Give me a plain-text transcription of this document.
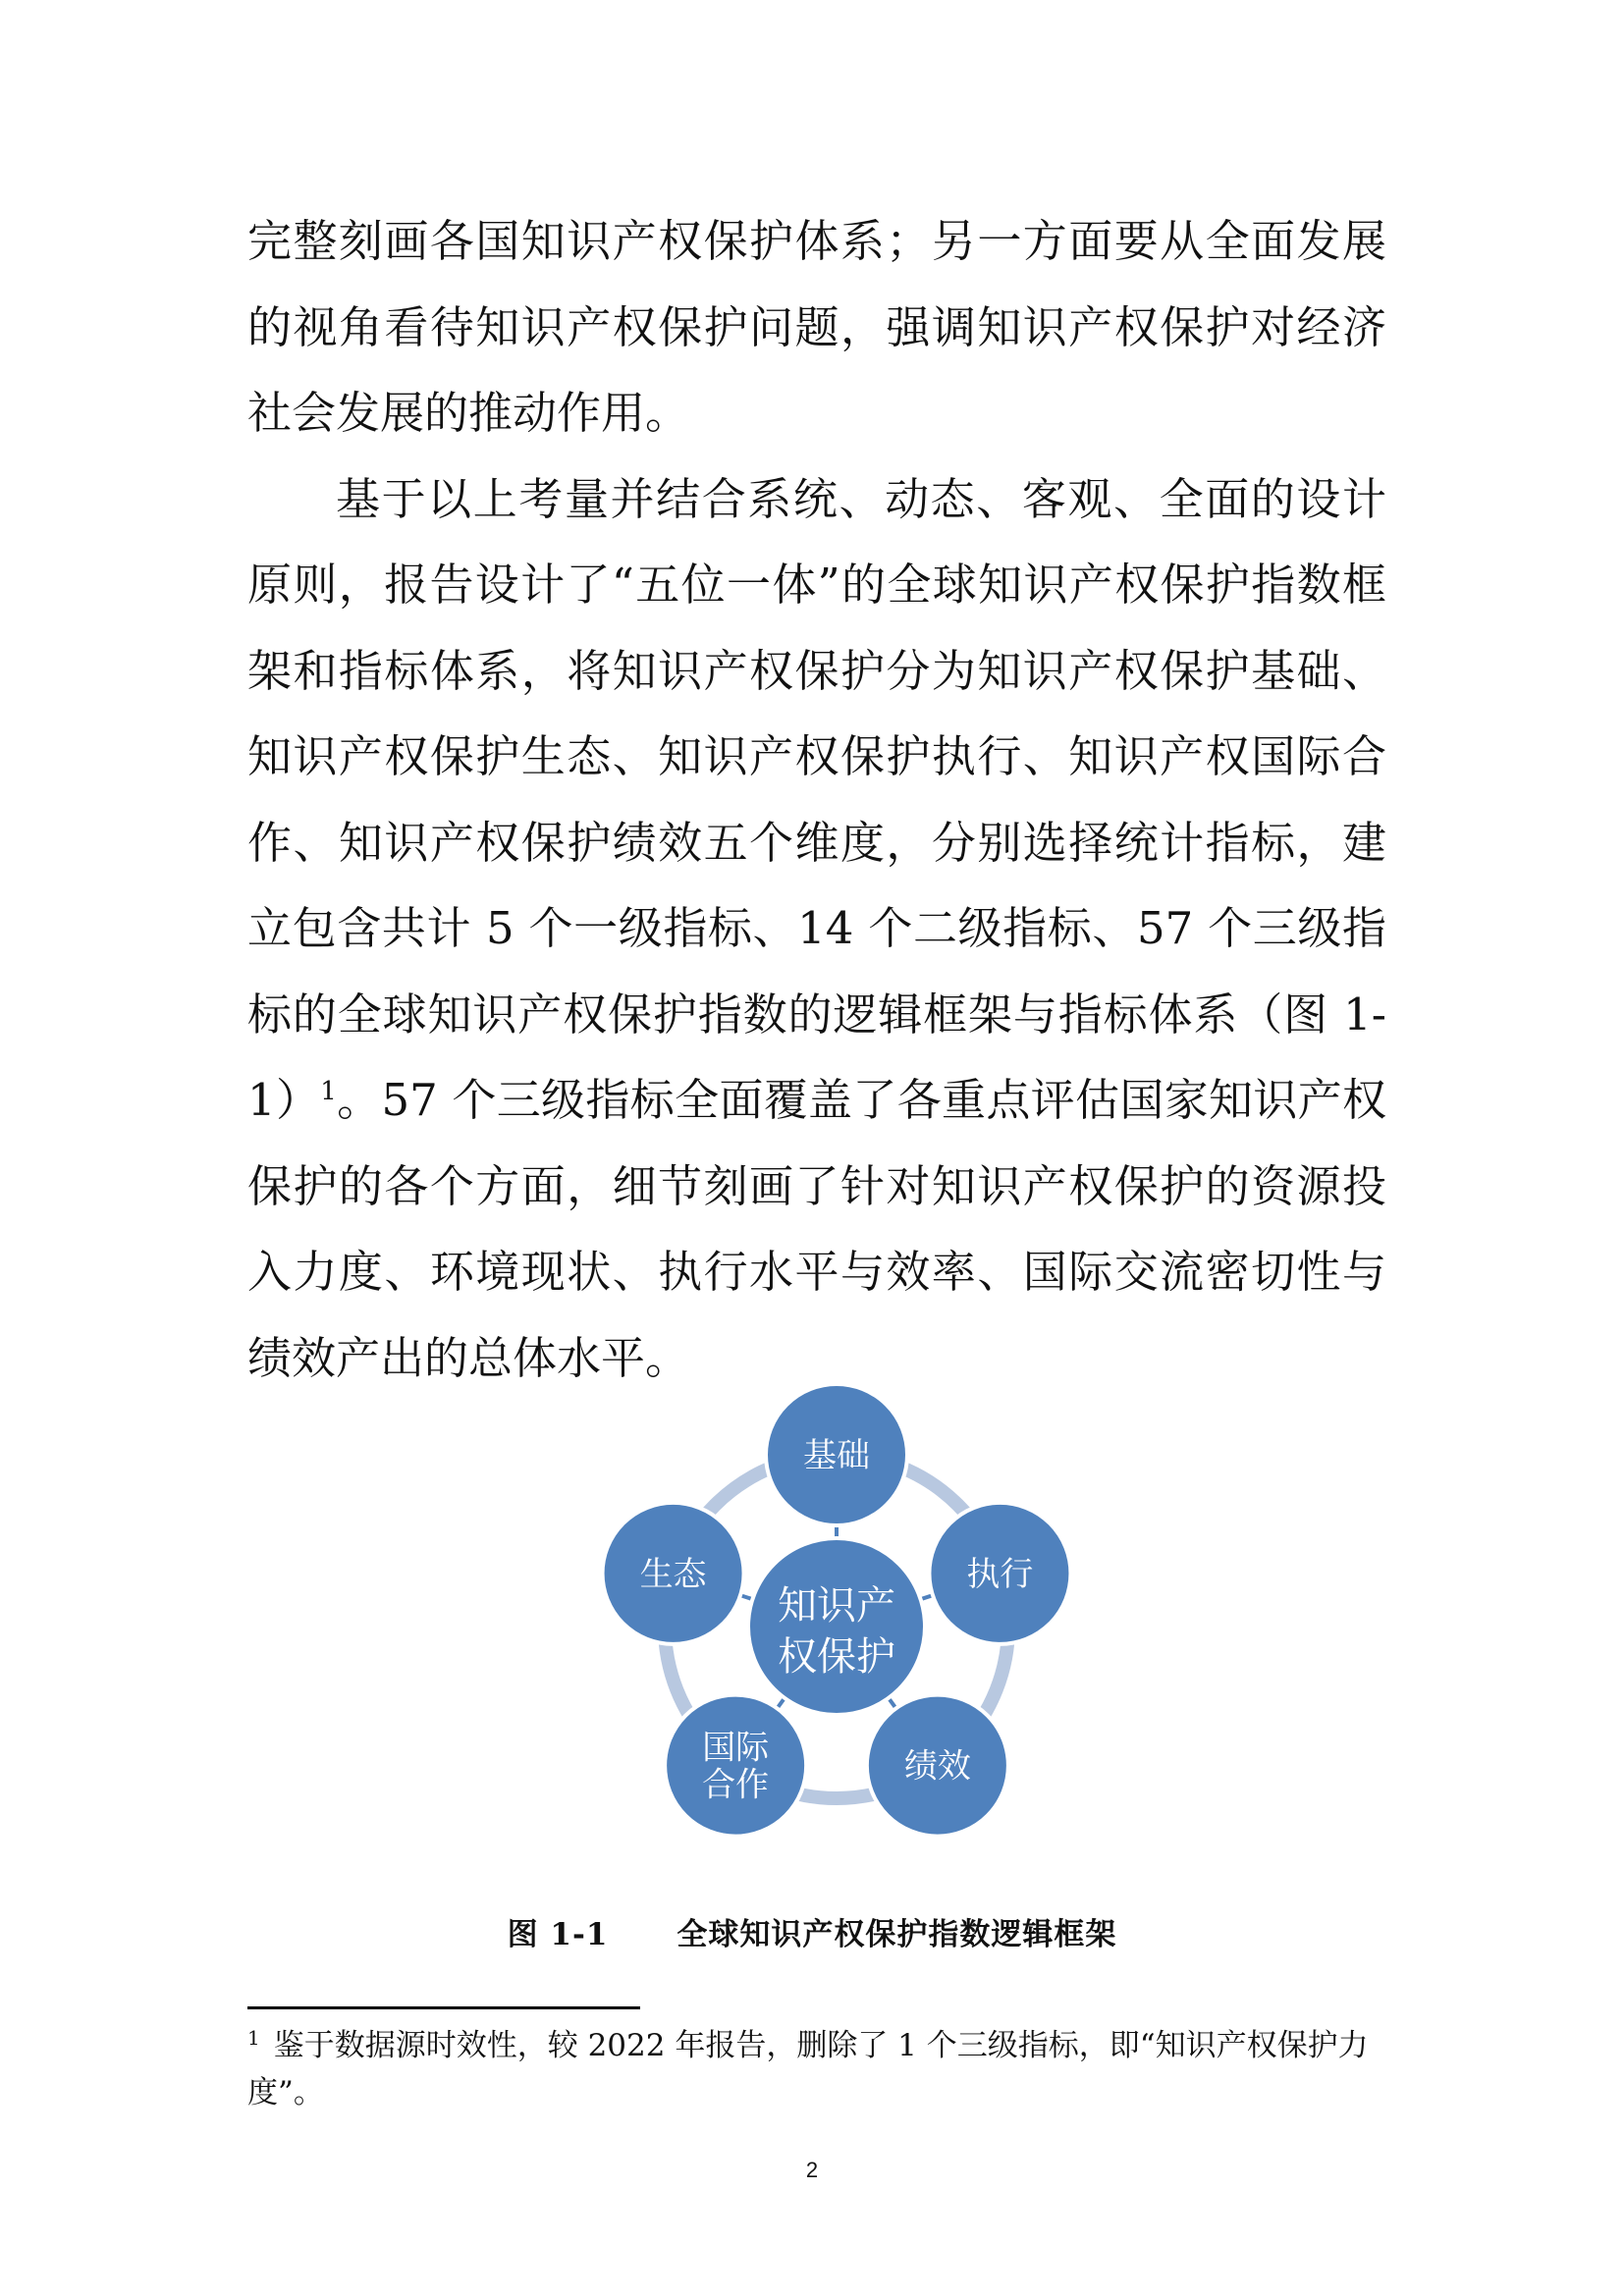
完整刻画各国知识产权保护体系；另一方面要从全面发展的视角看待知识产权保护问题，强调知识产权保护对经济社会发展的推动作用。

基于以上考量并结合系统、动态、客观、全面的设计原则，报告设计了“五位一体”的全球知识产权保护指数框架和指标体系，将知识产权保护分为知识产权保护基础、知识产权保护生态、知识产权保护执行、知识产权国际合作、知识产权保护绩效五个维度，分别选择统计指标，建立包含共计 5 个一级指标、14 个二级指标、57 个三级指标的全球知识产权保护指数的逻辑框架与指标体系（图 1-1）$^1$。57 个三级指标全面覆盖了各重点评估国家知识产权保护的各个方面，细节刻画了针对知识产权保护的资源投入力度、环境现状、执行水平与效率、国际交流密切性与绩效产出的总体水平。

知识产
权保护
基础
执行
绩效
国际
合作
生态
图 1-1 全球知识产权保护指数逻辑框架

$^1$ 鉴于数据源时效性，较 2022 年报告，删除了 1 个三级指标，即“知识产权保护力度”。

2
